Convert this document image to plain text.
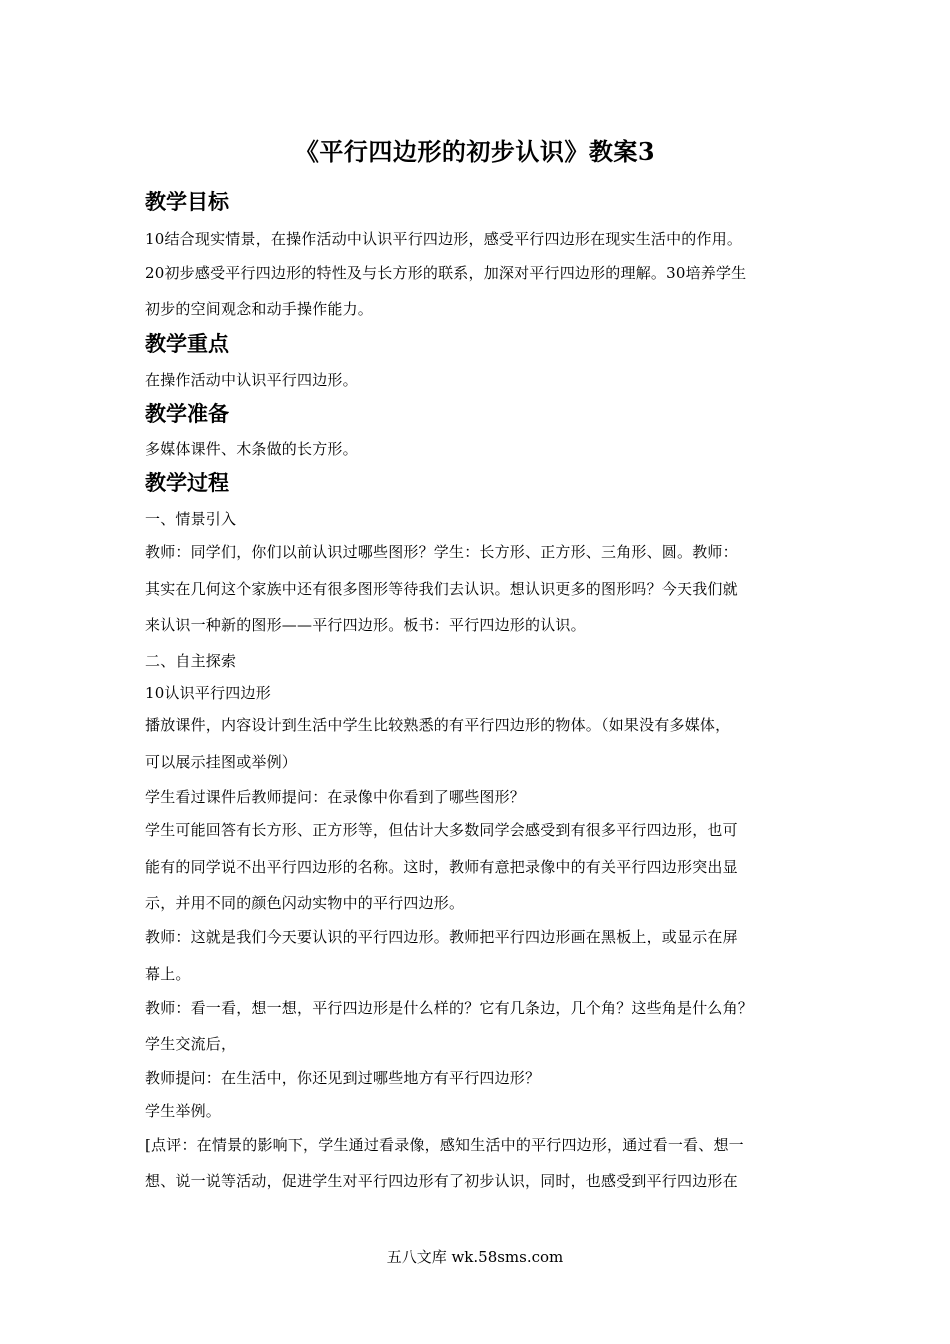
《平行四边形的初步认识》教案3
教学目标
10结合现实情景，在操作活动中认识平行四边形，感受平行四边形在现实生活中的作用。
20初步感受平行四边形的特性及与长方形的联系，加深对平行四边形的理解。30培养学生
初步的空间观念和动手操作能力。
教学重点
在操作活动中认识平行四边形。
教学准备
多媒体课件、木条做的长方形。
教学过程
一、情景引入
教师：同学们，你们以前认识过哪些图形？学生：长方形、正方形、三角形、圆。教师：
其实在几何这个家族中还有很多图形等待我们去认识。想认识更多的图形吗？今天我们就
来认识一种新的图形——平行四边形。板书：平行四边形的认识。
二、自主探索
10认识平行四边形
播放课件，内容设计到生活中学生比较熟悉的有平行四边形的物体。（如果没有多媒体，
可以展示挂图或举例）
学生看过课件后教师提问：在录像中你看到了哪些图形？
学生可能回答有长方形、正方形等，但估计大多数同学会感受到有很多平行四边形，也可
能有的同学说不出平行四边形的名称。这时，教师有意把录像中的有关平行四边形突出显
示，并用不同的颜色闪动实物中的平行四边形。
教师：这就是我们今天要认识的平行四边形。教师把平行四边形画在黑板上，或显示在屏
幕上。
教师：看一看，想一想，平行四边形是什么样的？它有几条边，几个角？这些角是什么角？
学生交流后，
教师提问：在生活中，你还见到过哪些地方有平行四边形？
学生举例。
[点评：在情景的影响下，学生通过看录像，感知生活中的平行四边形，通过看一看、想一
想、说一说等活动，促进学生对平行四边形有了初步认识，同时，也感受到平行四边形在
五八文库 wk.58sms.com
